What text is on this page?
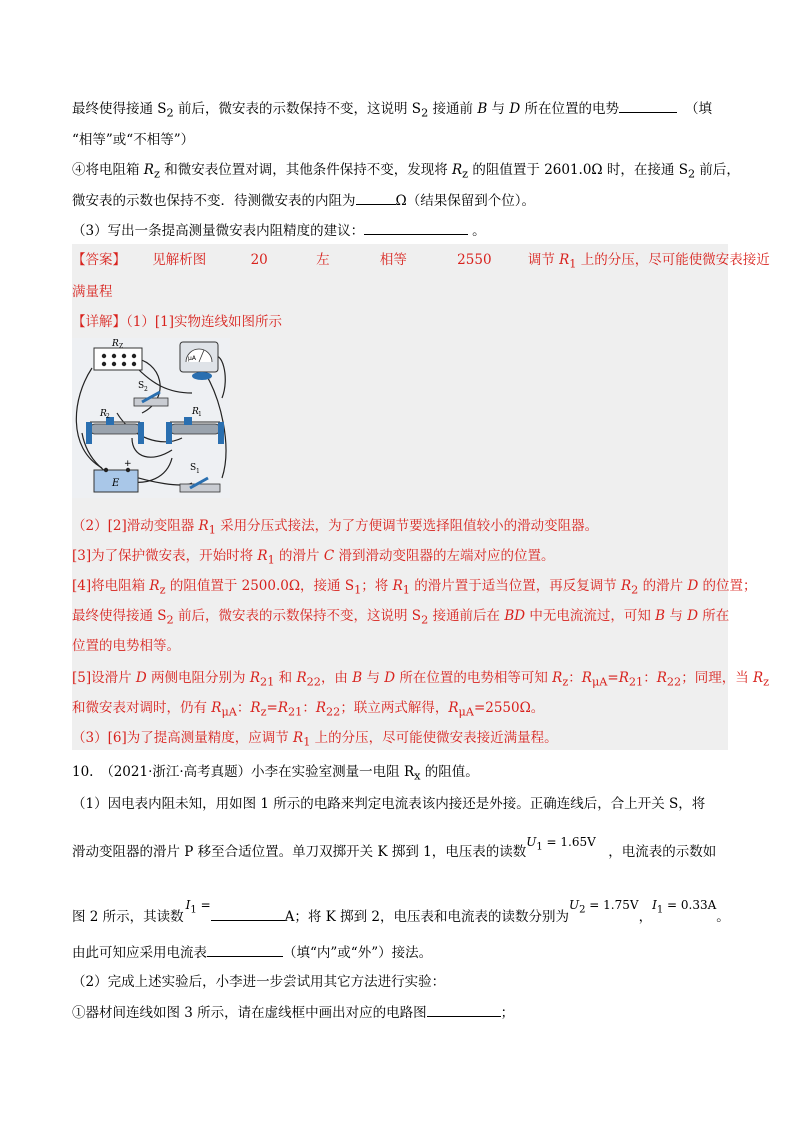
最终使得接通 $S_2$ 前后，微安表的示数保持不变，这说明 $S_2$ 接通前 B 与 D 所在位置的电势	（填
“相等”或“不相等”）
④将电阻箱 $R_z$ 和微安表位置对调，其他条件保持不变，发现将 $R_z$ 的阻值置于 2601.0Ω 时，在接通 $S_2$ 前后，
微安表的示数也保持不变．待测微安表的内阻为	Ω（结果保留到个位）。
（3）写出一条提高测量微安表内阻精度的建议：	。
【答案】 见解析图	20	左	相等	2550	调节 $R_1$ 上的分压，尽可能使微安表接近
满量程
【详解】（1）[1]实物连线如图所示
R Z
μA
S 2
R 2	R 1
S 1
E
+
（2）[2]滑动变阻器 $R_1$ 采用分压式接法，为了方便调节要选择阻值较小的滑动变阻器。
[3]为了保护微安表，开始时将 $R_1$ 的滑片 C 滑到滑动变阻器的左端对应的位置。
[4]将电阻箱 $R_z$ 的阻值置于 2500.0Ω，接通 $S_1$；将 $R_1$ 的滑片置于适当位置，再反复调节 $R_2$ 的滑片 D 的位置；
最终使得接通 $S_2$ 前后，微安表的示数保持不变，这说明 $S_2$ 接通前后在 BD 中无电流流过，可知 B 与 D 所在
位置的电势相等。
[5]设滑片 D 两侧电阻分别为 $R_{21}$ 和 $R_{22}$，由 B 与 D 所在位置的电势相等可知 $R_z$：$R_{\mu A}=R_{21}$：$R_{22}$；同理，当 $R_z$
和微安表对调时，仍有 $R_{\mu A}$：$R_z=R_{21}$：$R_{22}$；联立两式解得，$R_{\mu A}=2550\Omega$。
（3）[6]为了提高测量精度，应调节 $R_1$ 上的分压，尽可能使微安表接近满量程。
10.　（2021·浙江·高考真题）小李在实验室测量一电阻 $R_x$ 的阻值。
（1）因电表内阻未知，用如图 1 所示的电路来判定电流表该内接还是外接。正确连线后，合上开关 S，将
滑动变阻器的滑片 P 移至合适位置。单刀双掷开关 K 掷到 1，电压表的读数$U_1 = 1.65V$，电流表的示数如
图 2 所示，其读数$I_1 =A$；将 K 掷到 2，电压表和电流表的读数分别为$U_2 = 1.75V$，$I_1 = 0.33A$。
由此可知应采用电流表	（填“内”或“外”）接法。
（2）完成上述实验后，小李进一步尝试用其它方法进行实验：
①器材间连线如图 3 所示，请在虚线框中画出对应的电路图	；
